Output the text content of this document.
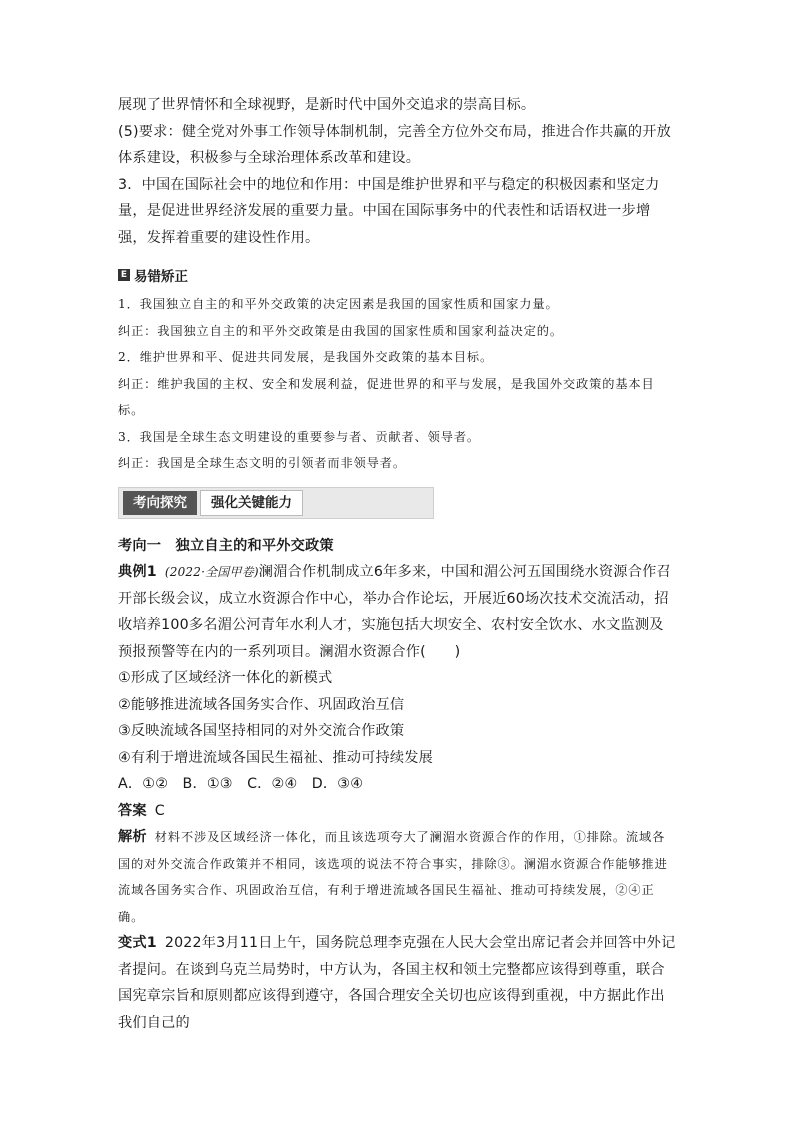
展现了世界情怀和全球视野，是新时代中国外交追求的崇高目标。

(5)要求：健全党对外事工作领导体制机制，完善全方位外交布局，推进合作共赢的开放体系建设，积极参与全球治理体系改革和建设。

3．中国在国际社会中的地位和作用：中国是维护世界和平与稳定的积极因素和坚定力量，是促进世界经济发展的重要力量。中国在国际事务中的代表性和话语权进一步增强，发挥着重要的建设性作用。

E 易错矫正

1．我国独立自主的和平外交政策的决定因素是我国的国家性质和国家力量。

纠正：我国独立自主的和平外交政策是由我国的国家性质和国家利益决定的。

2．维护世界和平、促进共同发展，是我国外交政策的基本目标。

纠正：维护我国的主权、安全和发展利益，促进世界的和平与发展，是我国外交政策的基本目标。

3．我国是全球生态文明建设的重要参与者、贡献者、领导者。

纠正：我国是全球生态文明的引领者而非领导者。

考向探究	强化关键能力

考向一　独立自主的和平外交政策

典例1 (2022·全国甲卷)澜湄合作机制成立6年多来，中国和湄公河五国围绕水资源合作召开部长级会议，成立水资源合作中心，举办合作论坛，开展近60场次技术交流活动，招收培养100多名湄公河青年水利人才，实施包括大坝安全、农村安全饮水、水文监测及预报预警等在内的一系列项目。澜湄水资源合作(　　)

①形成了区域经济一体化的新模式

②能够推进流域各国务实合作、巩固政治互信

③反映流域各国坚持相同的对外交流合作政策

④有利于增进流域各国民生福祉、推动可持续发展

A．①②　B．①③　C．②④　D．③④

答案 C

解析 材料不涉及区域经济一体化，而且该选项夸大了澜湄水资源合作的作用，①排除。流域各国的对外交流合作政策并不相同，该选项的说法不符合事实，排除③。澜湄水资源合作能够推进流域各国务实合作、巩固政治互信，有利于增进流域各国民生福祉、推动可持续发展，②④正确。

变式1 2022年3月11日上午，国务院总理李克强在人民大会堂出席记者会并回答中外记者提问。在谈到乌克兰局势时，中方认为，各国主权和领土完整都应该得到尊重，联合国宪章宗旨和原则都应该得到遵守，各国合理安全关切也应该得到重视，中方据此作出我们自己的
